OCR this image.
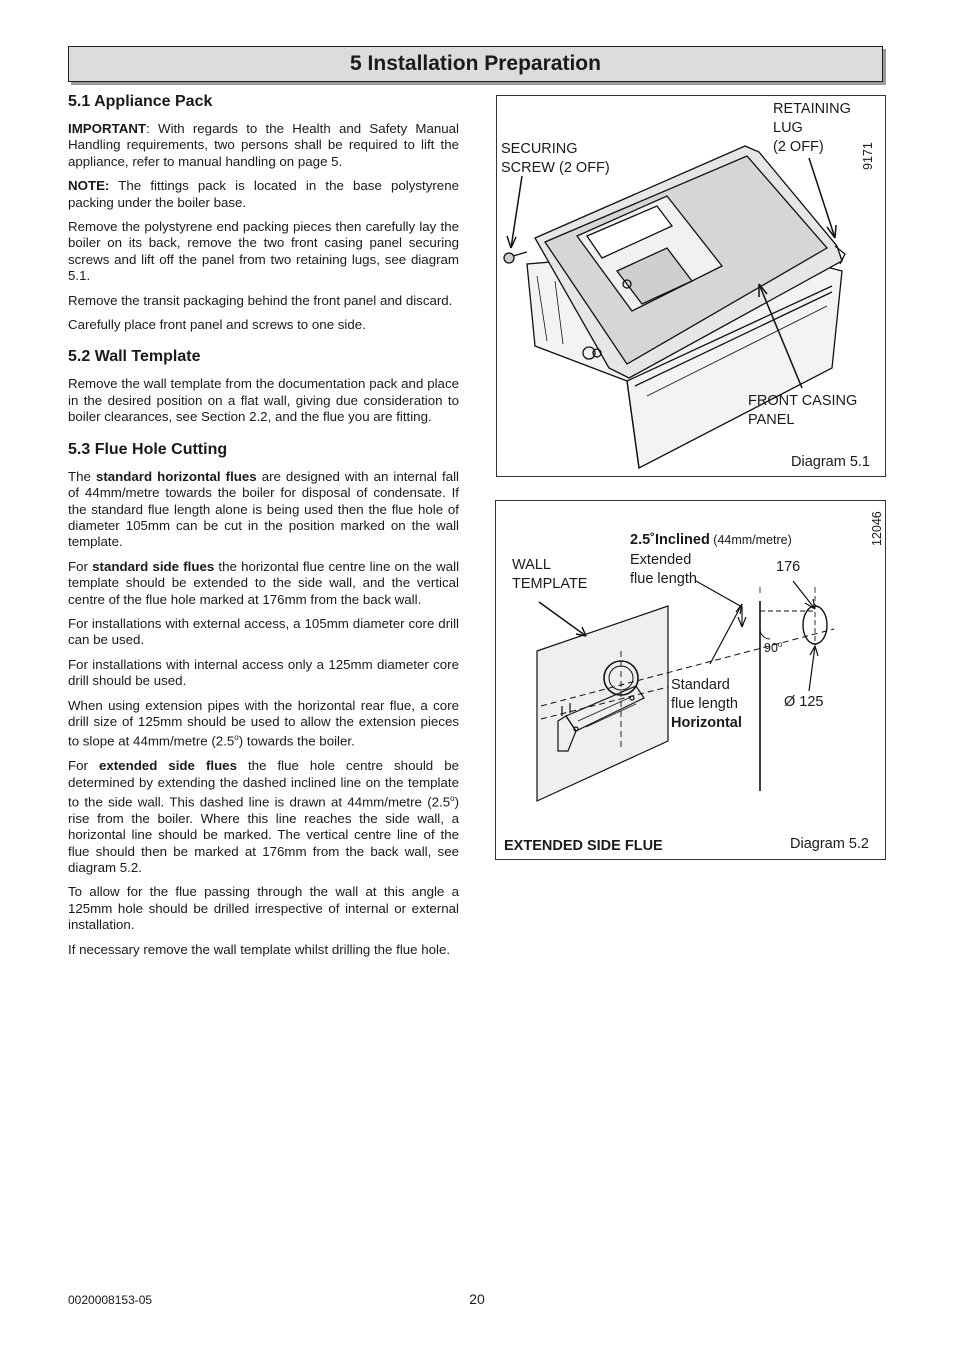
5 Installation Preparation
5.1 Appliance Pack

IMPORTANT: With regards to the Health and Safety Manual Handling requirements, two persons shall be required to lift the appliance, refer to manual handling on page 5.

NOTE: The fittings pack is located in the base polystyrene packing under the boiler base.

Remove the polystyrene end packing pieces then carefully lay the boiler on its back, remove the two front casing panel securing screws and lift off the panel from two retaining lugs, see diagram 5.1.

Remove the transit packaging behind the front panel and discard.

Carefully place front panel and screws to one side.

5.2 Wall Template

Remove the wall template from the documentation pack and place in the desired position on a flat wall, giving due consideration to boiler clearances, see Section 2.2, and the flue you are fitting.

5.3 Flue Hole Cutting

The standard horizontal flues are designed with an internal fall of 44mm/metre towards the boiler for disposal of condensate. If the standard flue length alone is being used then the flue hole of diameter 105mm can be cut in the position marked on the wall template.

For standard side flues the horizontal flue centre line on the wall template should be extended to the side wall, and the vertical centre of the flue hole marked at 176mm from the back wall.

For installations with external access, a 105mm diameter core drill can be used.

For installations with internal access only a 125mm diameter core drill should be used.

When using extension pipes with the horizontal rear flue, a core drill size of 125mm should be used to allow the extension pieces to slope at 44mm/metre (2.5$^o$) towards the boiler.

For extended side flues the flue hole centre should be determined by extending the dashed inclined line on the template to the side wall. This dashed line is drawn at 44mm/metre (2.5$^o$) rise from the boiler. Where this line reaches the side wall, a horizontal line should be marked. The vertical centre line of the flue should then be marked at 176mm from the back wall, see diagram 5.2.

To allow for the flue passing through the wall at this angle a 125mm hole should be drilled irrespective of internal or external installation.

If necessary remove the wall template whilst drilling the flue hole.

SECURING
SCREW (2 OFF)
RETAINING
LUG
(2 OFF)
FRONT CASING
PANEL
9171
Diagram 5.1
2.5˚Inclined (44mm/metre)
Extended
flue length
WALL
TEMPLATE
176
90$^o$
Ø 125
Standard
flue length
Horizontal
12046
EXTENDED SIDE FLUE	Diagram 5.2
0020008153-05	20
